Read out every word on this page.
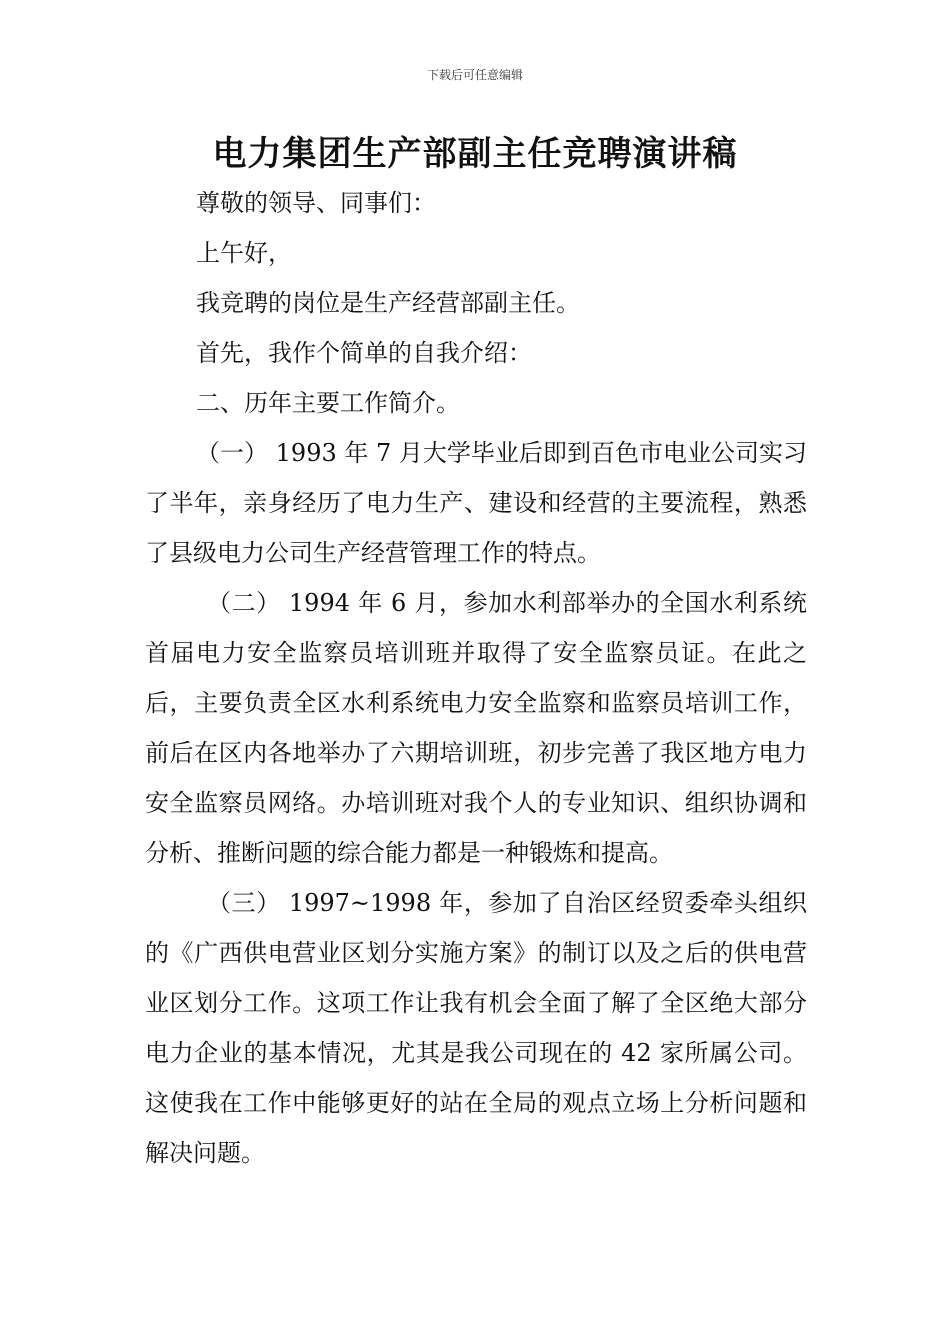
下载后可任意编辑
电力集团生产部副主任竞聘演讲稿

尊敬的领导、同事们：

上午好，

我竞聘的岗位是生产经营部副主任。

首先，我作个简单的自我介绍：

二、历年主要工作简介。

（一） 1993 年 7 月大学毕业后即到百色市电业公司实习了半年，亲身经历了电力生产、建设和经营的主要流程，熟悉了县级电力公司生产经营管理工作的特点。

（二） 1994 年 6 月，参加水利部举办的全国水利系统首届电力安全监察员培训班并取得了安全监察员证。在此之后，主要负责全区水利系统电力安全监察和监察员培训工作，前后在区内各地举办了六期培训班，初步完善了我区地方电力安全监察员网络。办培训班对我个人的专业知识、组织协调和分析、推断问题的综合能力都是一种锻炼和提高。

（三） 1997~1998 年，参加了自治区经贸委牵头组织的《广西供电营业区划分实施方案》的制订以及之后的供电营业区划分工作。这项工作让我有机会全面了解了全区绝大部分电力企业的基本情况，尤其是我公司现在的 42 家所属公司。这使我在工作中能够更好的站在全局的观点立场上分析问题和解决问题。
